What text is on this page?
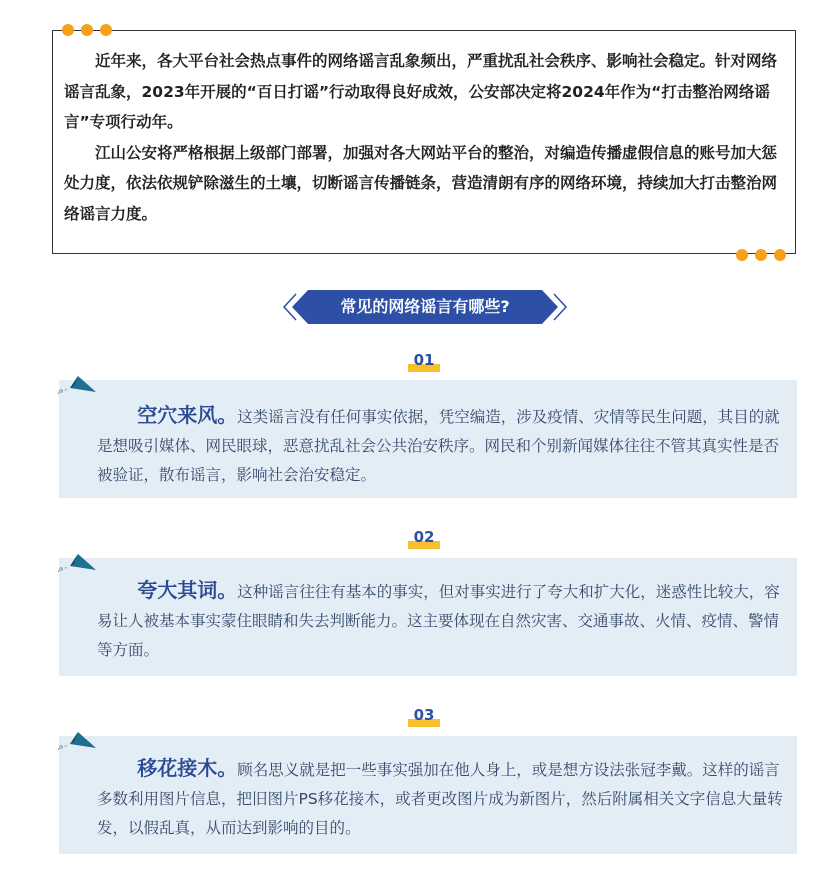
近年来，各大平台社会热点事件的网络谣言乱象频出，严重扰乱社会秩序、影响社会稳定。针对网络谣言乱象，2023年开展的“百日打谣”行动取得良好成效，公安部决定将2024年作为“打击整治网络谣言”专项行动年。

江山公安将严格根据上级部门部署，加强对各大网站平台的整治，对编造传播虚假信息的账号加大惩处力度，依法依规铲除滋生的土壤，切断谣言传播链条，营造清朗有序的网络环境，持续加大打击整治网络谣言力度。

常见的网络谣言有哪些?
01

空穴来风。这类谣言没有任何事实依据，凭空编造，涉及疫情、灾情等民生问题，其目的就是想吸引媒体、网民眼球，恶意扰乱社会公共治安秩序。网民和个别新闻媒体往往不管其真实性是否被验证，散布谣言，影响社会治安稳定。

02

夸大其词。这种谣言往往有基本的事实，但对事实进行了夸大和扩大化，迷惑性比较大，容易让人被基本事实蒙住眼睛和失去判断能力。这主要体现在自然灾害、交通事故、火情、疫情、警情等方面。

03

移花接木。顾名思义就是把一些事实强加在他人身上，或是想方设法张冠李戴。这样的谣言多数利用图片信息，把旧图片PS移花接木，或者更改图片成为新图片，然后附属相关文字信息大量转发，以假乱真，从而达到影响的目的。
